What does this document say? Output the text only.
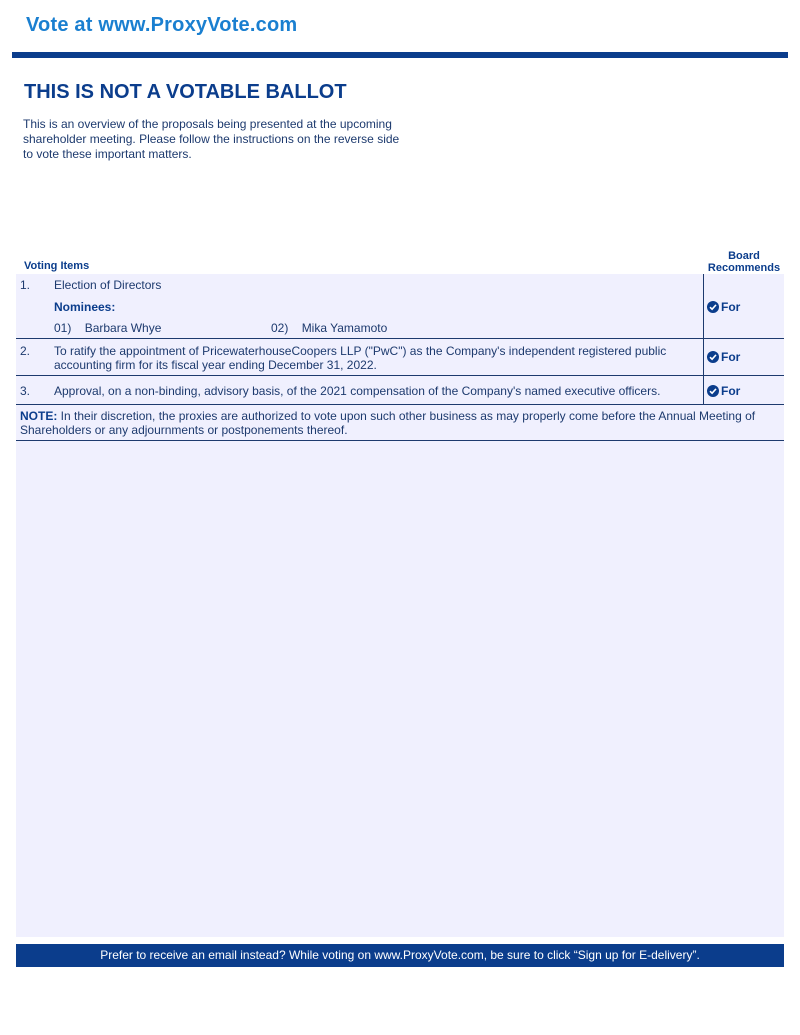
Vote at www.ProxyVote.com
THIS IS NOT A VOTABLE BALLOT
This is an overview of the proposals being presented at the upcoming shareholder meeting. Please follow the instructions on the reverse side to vote these important matters.
Voting Items
Board
Recommends
1. Election of Directors
Nominees:
01) Barbara Whye	02) Mika Yamamoto
For
2. To ratify the appointment of PricewaterhouseCoopers LLP ("PwC") as the Company's independent registered public accounting firm for its fiscal year ending December 31, 2022.
For
3. Approval, on a non-binding, advisory basis, of the 2021 compensation of the Company's named executive officers.	For
NOTE: In their discretion, the proxies are authorized to vote upon such other business as may properly come before the Annual Meeting of Shareholders or any adjournments or postponements thereof.
Prefer to receive an email instead? While voting on www.ProxyVote.com, be sure to click “Sign up for E-delivery”.
